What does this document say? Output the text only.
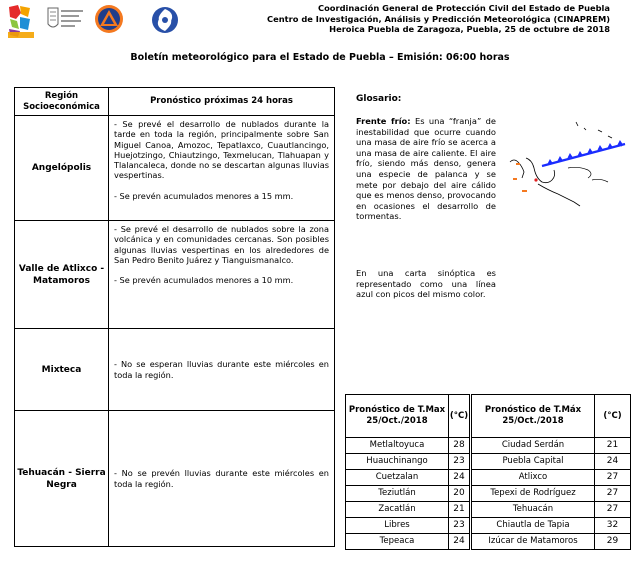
Coordinación General de Protección Civil del Estado de Puebla
Centro de Investigación, Análisis y Predicción Meteorológica (CINAPREM)
Heroica Puebla de Zaragoza, Puebla, 25 de octubre de 2018
Boletín meteorológico para el Estado de Puebla – Emisión: 06:00 horas
Región Socioeconómica	Pronóstico próximas 24 horas
Angelópolis	- Se prevé el desarrollo de nublados durante la tarde en toda la región, principalmente sobre San Miguel Canoa, Amozoc, Tepatlaxco, Cuautlancingo, Huejotzingo, Chiautzingo, Texmelucan, Tlahuapan y Tlalancaleca, donde no se descartan algunas lluvias vespertinas.

- Se prevén acumulados menores a 15 mm.

Valle de Atlixco - Matamoros	- Se prevé el desarrollo de nublados sobre la zona volcánica y en comunidades cercanas. Son posibles algunas lluvias vespertinas en los alrededores de San Pedro Benito Juárez y Tianguismanalco.

- Se prevén acumulados menores a 10 mm.

Mixteca	- No se esperan lluvias durante este miércoles en toda la región.

Tehuacán - Sierra Negra	- No se prevén lluvias durante este miércoles en toda la región.

Glosario:
Frente frío: Es una “franja” de inestabilidad que ocurre cuando una masa de aire frío se acerca a una masa de aire caliente. El aire frío, siendo más denso, genera una especie de palanca y se mete por debajo del aire cálido que es menos denso, provocando en ocasiones el desarrollo de tormentas.
En una carta sinóptica es representado como una línea azul con picos del mismo color.
Pronóstico de T.Max 25/Oct./2018	(°C)	Pronóstico de T.Máx 25/Oct./2018	(°C)
Metlaltoyuca	28	Ciudad Serdán	21
Huauchinango	23	Puebla Capital	24
Cuetzalan	24	Atlixco	27
Teziutlán	20	Tepexi de Rodríguez	27
Zacatlán	21	Tehuacán	27
Libres	23	Chiautla de Tapia	32
Tepeaca	24	Izúcar de Matamoros	29
